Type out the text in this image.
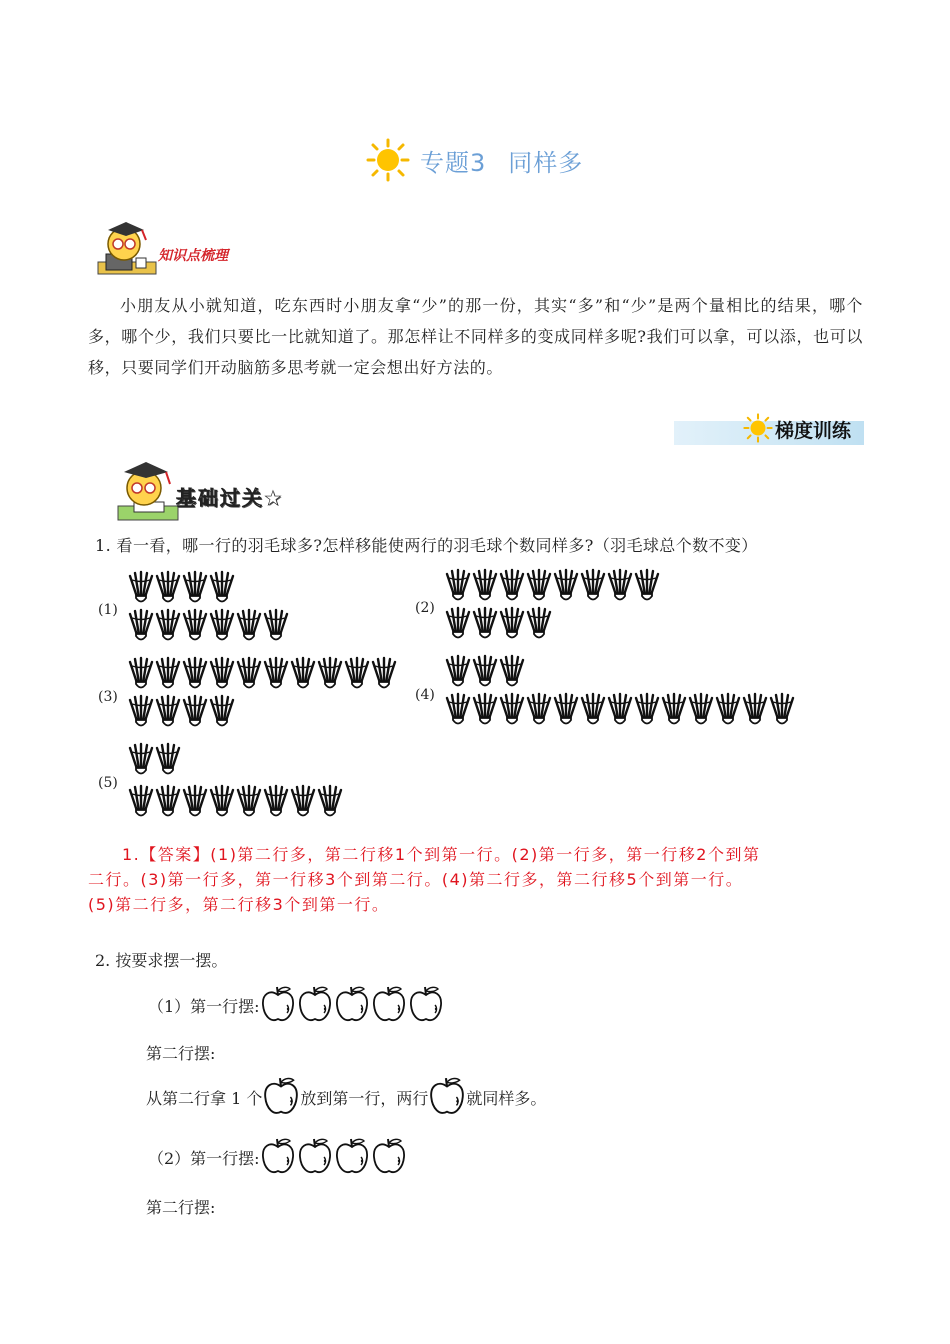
专题3 同样多
知识点梳理
小朋友从小就知道，吃东西时小朋友拿“少”的那一份，其实“多”和“少”是两个量相比的结果，哪个多，哪个少，我们只要比一比就知道了。那怎样让不同样多的变成同样多呢?我们可以拿，可以添，也可以移，只要同学们开动脑筋多思考就一定会想出好方法的。
梯度训练
基础过关★
1. 看一看，哪一行的羽毛球多?怎样移能使两行的羽毛球个数同样多?（羽毛球总个数不变）
(1)	(2)
(3)	(4)
(5)
1.【答案】(1)第二行多，第二行移1个到第一行。(2)第一行多，第一行移2个到第
二行。(3)第一行多，第一行移3个到第二行。(4)第二行多，第二行移5个到第一行。
(5)第二行多，第二行移3个到第一行。
2. 按要求摆一摆。
（1）第一行摆:
第二行摆:
从第二行拿 1 个 放到第一行，两行 就同样多。
（2）第一行摆:
第二行摆:
